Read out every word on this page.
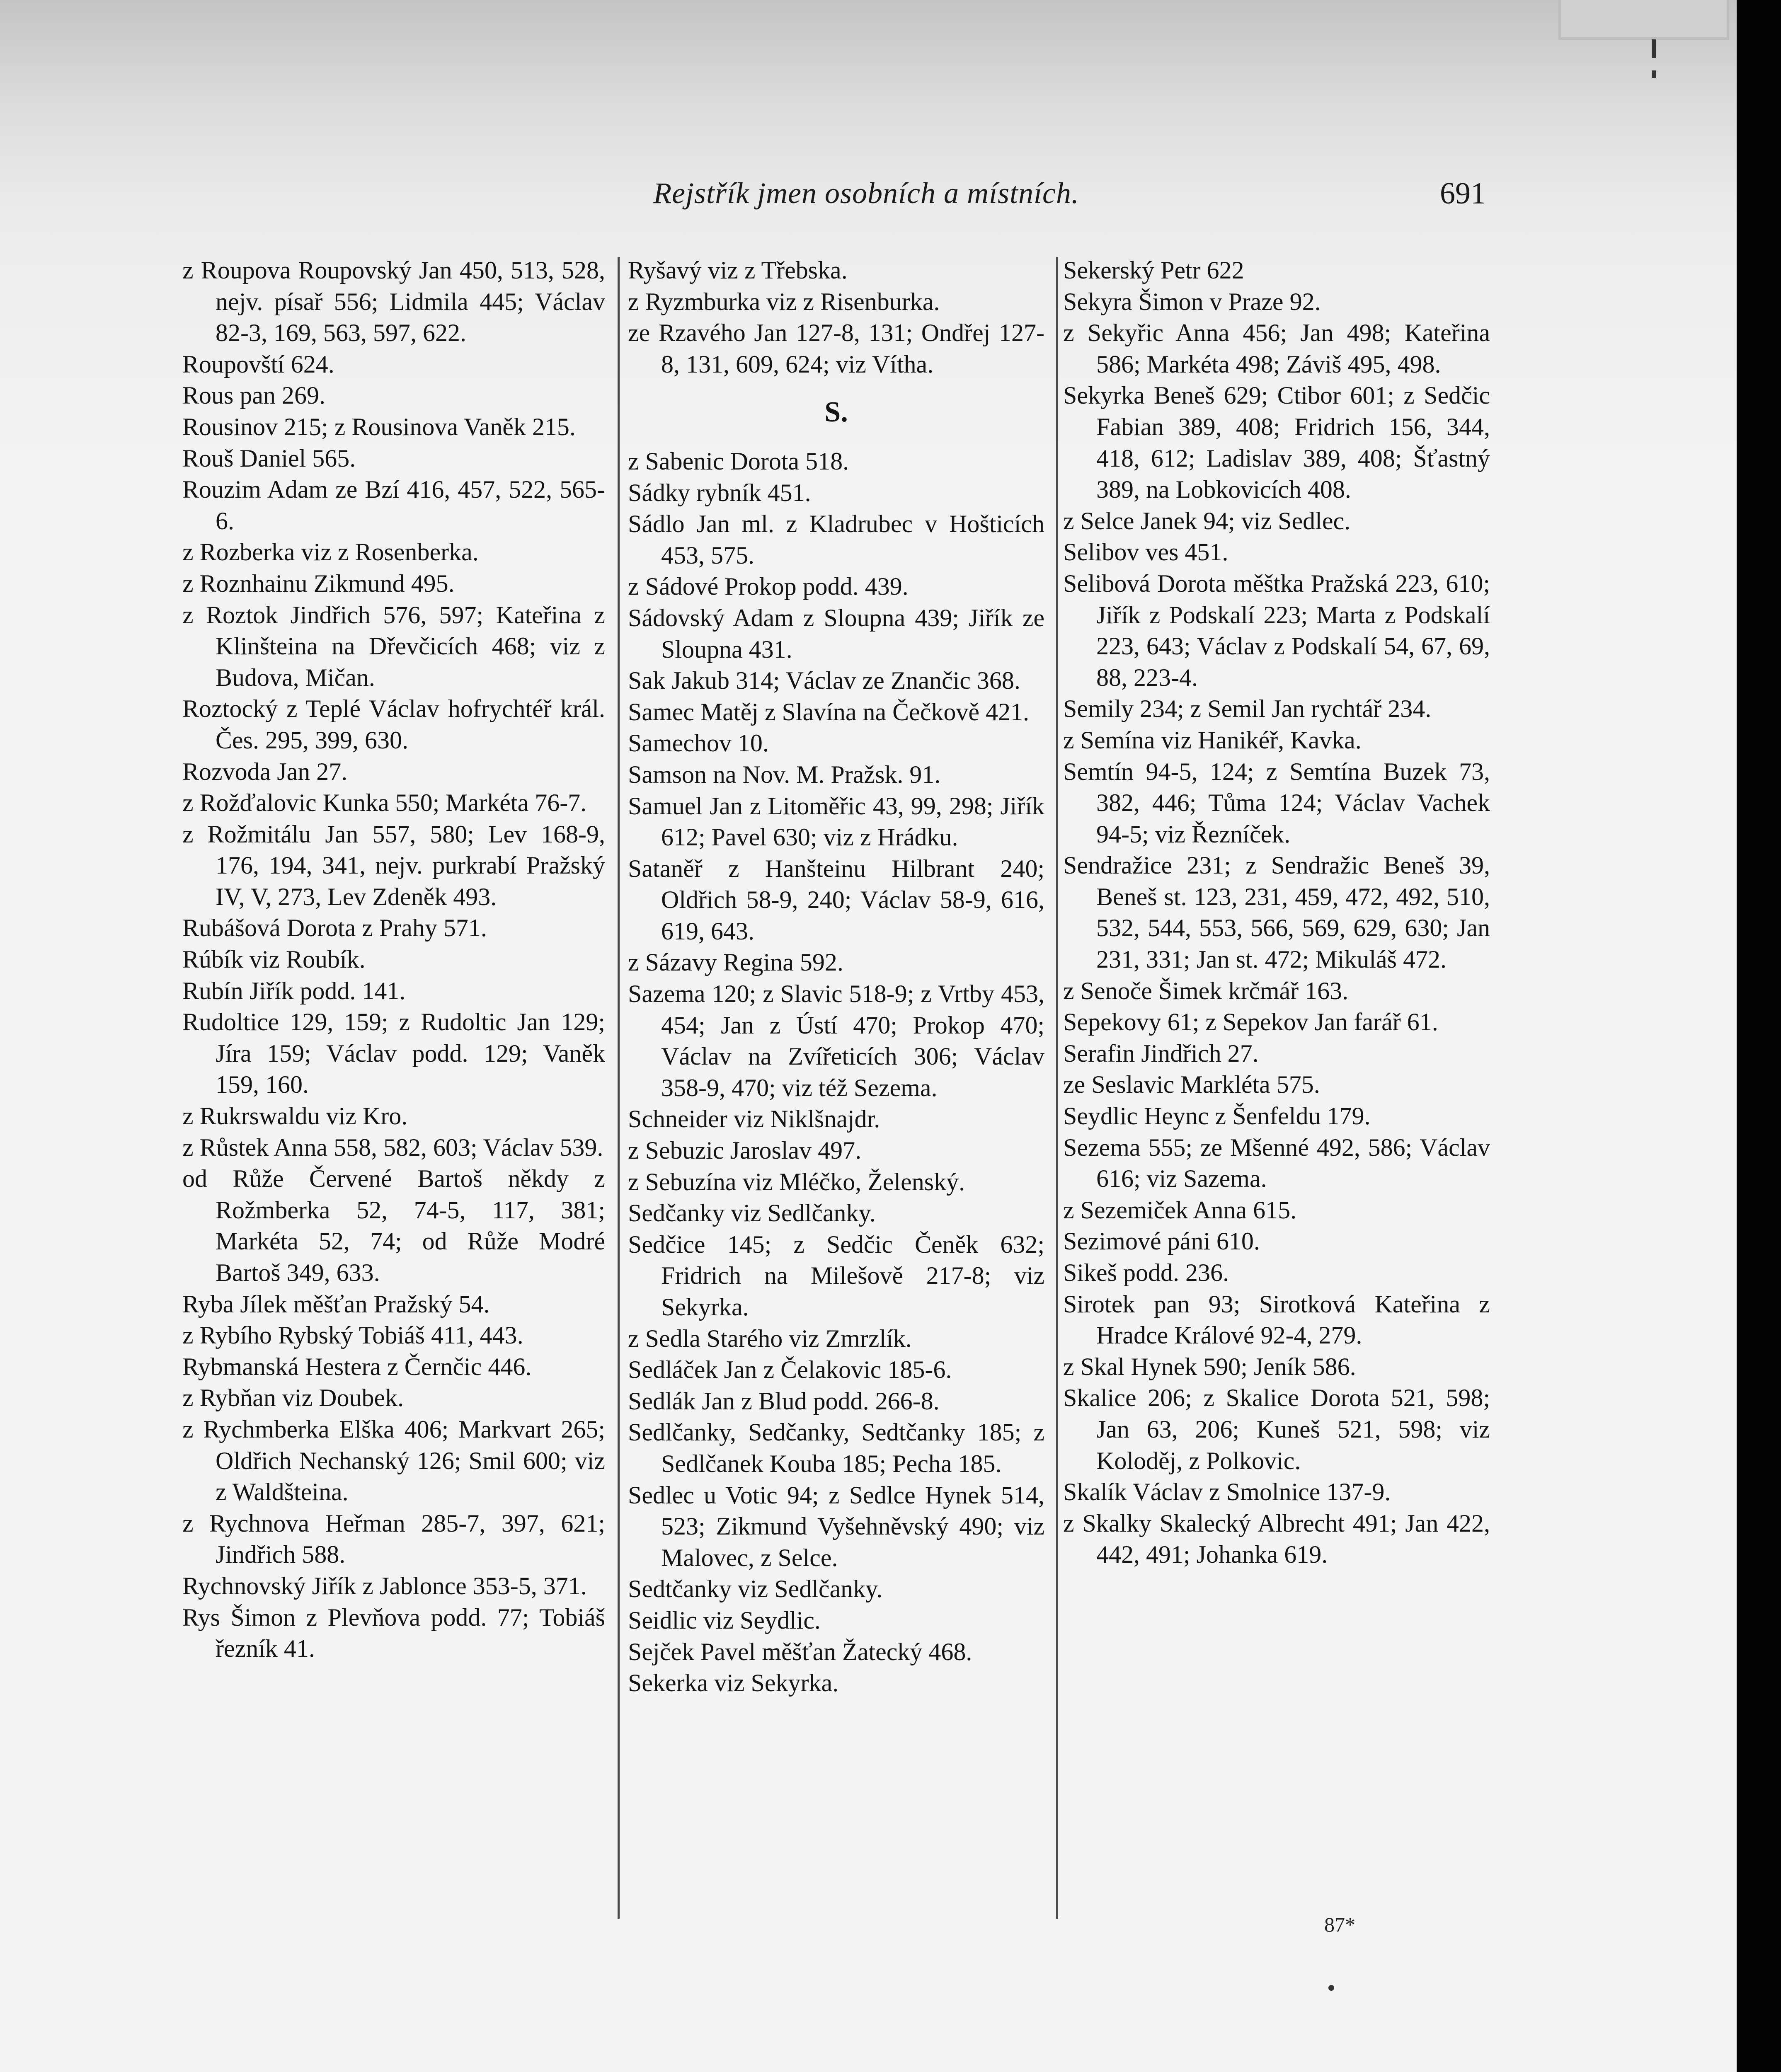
Rejstřík jmen osobních a místních.	691
z Roupova Roupovský Jan 450, 513, 528, nejv. písař 556; Lidmila 445; Václav 82-3, 169, 563, 597, 622.
Roupovští 624.
Rous pan 269.
Rousinov 215; z Rousinova Vaněk 215.
Rouš Daniel 565.
Rouzim Adam ze Bzí 416, 457, 522, 565-6.
z Rozberka viz z Rosenberka.
z Roznhainu Zikmund 495.
z Roztok Jindřich 576, 597; Kateřina z Klinšteina na Dřevčicích 468; viz z Budova, Mičan.
Roztocký z Teplé Václav hofrychtéř král. Čes. 295, 399, 630.
Rozvoda Jan 27.
z Rožďalovic Kunka 550; Markéta 76-7.
z Rožmitálu Jan 557, 580; Lev 168-9, 176, 194, 341, nejv. purkrabí Pražský IV, V, 273, Lev Zdeněk 493.
Rubášová Dorota z Prahy 571.
Rúbík viz Roubík.
Rubín Jiřík podd. 141.
Rudoltice 129, 159; z Rudoltic Jan 129; Jíra 159; Václav podd. 129; Vaněk 159, 160.
z Rukrswaldu viz Kro.
z Růstek Anna 558, 582, 603; Václav 539.
od Růže Červené Bartoš někdy z Rožmberka 52, 74-5, 117, 381; Markéta 52, 74; od Růže Modré Bartoš 349, 633.
Ryba Jílek měšťan Pražský 54.
z Rybího Rybský Tobiáš 411, 443.
Rybmanská Hestera z Černčic 446.
z Rybňan viz Doubek.
z Rychmberka Elška 406; Markvart 265; Oldřich Nechanský 126; Smil 600; viz z Waldšteina.
z Rychnova Heřman 285-7, 397, 621; Jindřich 588.
Rychnovský Jiřík z Jablonce 353-5, 371.
Rys Šimon z Plevňova podd. 77; Tobiáš řezník 41.
Ryšavý viz z Třebska.
z Ryzmburka viz z Risenburka.
ze Rzavého Jan 127-8, 131; Ondřej 127-8, 131, 609, 624; viz Vítha.
S.
z Sabenic Dorota 518.
Sádky rybník 451.
Sádlo Jan ml. z Kladrubec v Hošticích 453, 575.
z Sádové Prokop podd. 439.
Sádovský Adam z Sloupna 439; Jiřík ze Sloupna 431.
Sak Jakub 314; Václav ze Znančic 368.
Samec Matěj z Slavína na Čečkově 421.
Samechov 10.
Samson na Nov. M. Pražsk. 91.
Samuel Jan z Litoměřic 43, 99, 298; Jiřík 612; Pavel 630; viz z Hrádku.
Sataněř z Hanšteinu Hilbrant 240; Oldřich 58-9, 240; Václav 58-9, 616, 619, 643.
z Sázavy Regina 592.
Sazema 120; z Slavic 518-9; z Vrtby 453, 454; Jan z Ústí 470; Prokop 470; Václav na Zvířeticích 306; Václav 358-9, 470; viz též Sezema.
Schneider viz Niklšnajdr.
z Sebuzic Jaroslav 497.
z Sebuzína viz Mléčko, Želenský.
Sedčanky viz Sedlčanky.
Sedčice 145; z Sedčic Čeněk 632; Fridrich na Milešově 217-8; viz Sekyrka.
z Sedla Starého viz Zmrzlík.
Sedláček Jan z Čelakovic 185-6.
Sedlák Jan z Blud podd. 266-8.
Sedlčanky, Sedčanky, Sedtčanky 185; z Sedlčanek Kouba 185; Pecha 185.
Sedlec u Votic 94; z Sedlce Hynek 514, 523; Zikmund Vyšehněvský 490; viz Malovec, z Selce.
Sedtčanky viz Sedlčanky.
Seidlic viz Seydlic.
Sejček Pavel měšťan Žatecký 468.
Sekerka viz Sekyrka.
Sekerský Petr 622
Sekyra Šimon v Praze 92.
z Sekyřic Anna 456; Jan 498; Kateřina 586; Markéta 498; Záviš 495, 498.
Sekyrka Beneš 629; Ctibor 601; z Sedčic Fabian 389, 408; Fridrich 156, 344, 418, 612; Ladislav 389, 408; Šťastný 389, na Lobkovicích 408.
z Selce Janek 94; viz Sedlec.
Selibov ves 451.
Selibová Dorota měštka Pražská 223, 610; Jiřík z Podskalí 223; Marta z Podskalí 223, 643; Václav z Podskalí 54, 67, 69, 88, 223-4.
Semily 234; z Semil Jan rychtář 234.
z Semína viz Hanikéř, Kavka.
Semtín 94-5, 124; z Semtína Buzek 73, 382, 446; Tůma 124; Václav Vachek 94-5; viz Řezníček.
Sendražice 231; z Sendražic Beneš 39, Beneš st. 123, 231, 459, 472, 492, 510, 532, 544, 553, 566, 569, 629, 630; Jan 231, 331; Jan st. 472; Mikuláš 472.
z Senoče Šimek krčmář 163.
Sepekovy 61; z Sepekov Jan farář 61.
Serafin Jindřich 27.
ze Seslavic Markléta 575.
Seydlic Heync z Šenfeldu 179.
Sezema 555; ze Mšenné 492, 586; Václav 616; viz Sazema.
z Sezemiček Anna 615.
Sezimové páni 610.
Sikeš podd. 236.
Sirotek pan 93; Sirotková Kateřina z Hradce Králové 92-4, 279.
z Skal Hynek 590; Jeník 586.
Skalice 206; z Skalice Dorota 521, 598; Jan 63, 206; Kuneš 521, 598; viz Koloděj, z Polkovic.
Skalík Václav z Smolnice 137-9.
z Skalky Skalecký Albrecht 491; Jan 422, 442, 491; Johanka 619.
87*
